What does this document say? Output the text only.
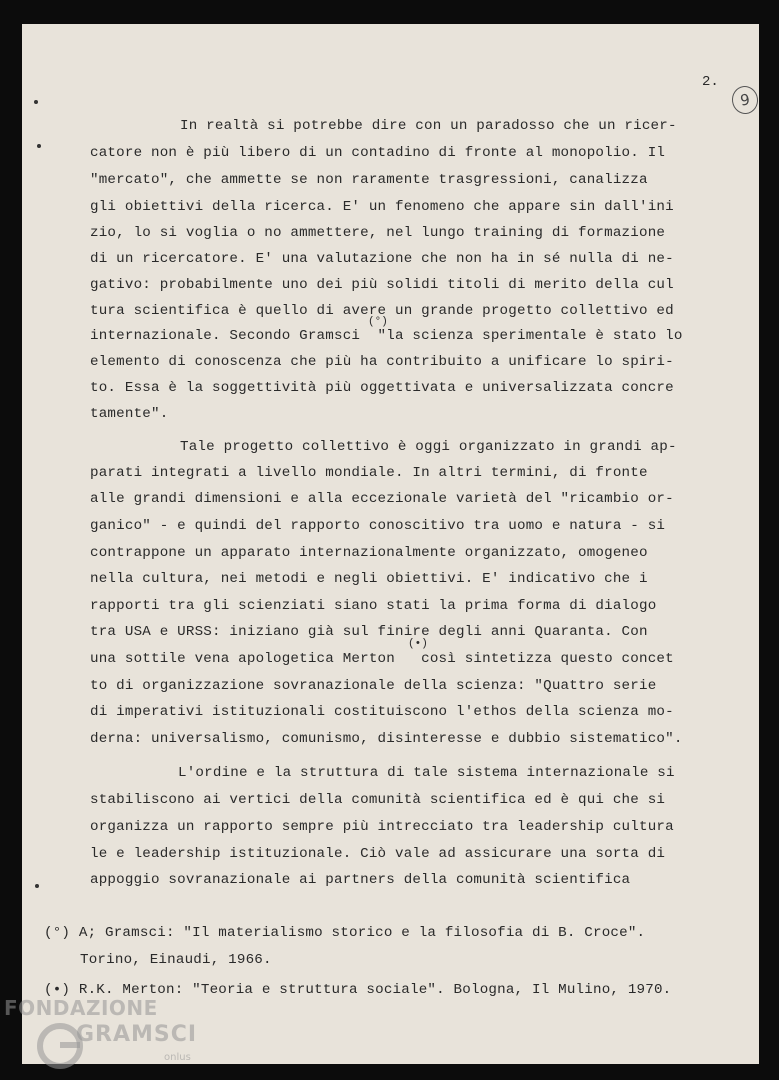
2.
9
In realtà si potrebbe dire con un paradosso che un ricer-
catore non è più libero di un contadino di fronte al monopolio. Il
"mercato", che ammette se non raramente trasgressioni, canalizza
gli obiettivi della ricerca. E' un fenomeno che appare sin dall'ini
zio, lo si voglia o no ammettere, nel lungo training di formazione
di un ricercatore. E' una valutazione che non ha in sé nulla di ne-
gativo: probabilmente uno dei più solidi titoli di merito della cul
tura scientifica è quello di avere un grande progetto collettivo ed
internazionale. Secondo Gramsci  "la scienza sperimentale è stato lo
(°)
elemento di conoscenza che più ha contribuito a unificare lo spiri-
to. Essa è la soggettività più oggettivata e universalizzata concre
tamente".
Tale progetto collettivo è oggi organizzato in grandi ap-
parati integrati a livello mondiale. In altri termini, di fronte
alle grandi dimensioni e alla eccezionale varietà del "ricambio or-
ganico" - e quindi del rapporto conoscitivo tra uomo e natura - si
contrappone un apparato internazionalmente organizzato, omogeneo
nella cultura, nei metodi e negli obiettivi. E' indicativo che i
rapporti tra gli scienziati siano stati la prima forma di dialogo
tra USA e URSS: iniziano già sul finire degli anni Quaranta. Con
una sottile vena apologetica Merton   così sintetizza questo concet
(•)
to di organizzazione sovranazionale della scienza: "Quattro serie
di imperativi istituzionali costituiscono l'ethos della scienza mo-
derna: universalismo, comunismo, disinteresse e dubbio sistematico".
L'ordine e la struttura di tale sistema internazionale si
stabiliscono ai vertici della comunità scientifica ed è qui che si
organizza un rapporto sempre più intrecciato tra leadership cultura
le e leadership istituzionale. Ciò vale ad assicurare una sorta di
appoggio sovranazionale ai partners della comunità scientifica
(°) A; Gramsci: "Il materialismo storico e la filosofia di B. Croce".
Torino, Einaudi, 1966.
(•) R.K. Merton: "Teoria e struttura sociale". Bologna, Il Mulino, 1970.
FONDAZIONE
GRAMSCI
onlus
